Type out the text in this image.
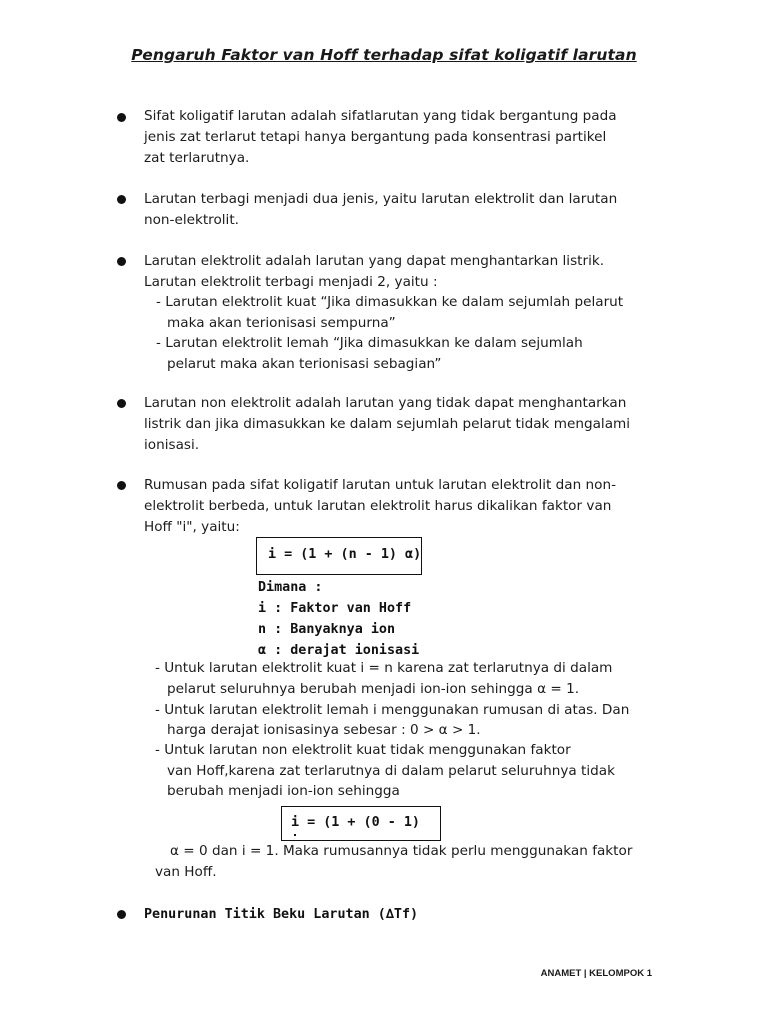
Pengaruh Faktor van Hoff terhadap sifat koligatif larutan
Sifat koligatif larutan adalah sifatlarutan yang tidak bergantung pada
jenis zat terlarut tetapi hanya bergantung pada konsentrasi partikel
zat terlarutnya.
Larutan terbagi menjadi dua jenis, yaitu larutan elektrolit dan larutan
non-elektrolit.
Larutan elektrolit adalah larutan yang dapat menghantarkan listrik.
Larutan elektrolit terbagi menjadi 2, yaitu :
- Larutan elektrolit kuat “Jika dimasukkan ke dalam sejumlah pelarut
maka akan terionisasi sempurna”
- Larutan elektrolit lemah “Jika dimasukkan ke dalam sejumlah
pelarut maka akan terionisasi sebagian”
Larutan non elektrolit adalah larutan yang tidak dapat menghantarkan
listrik dan jika dimasukkan ke dalam sejumlah pelarut tidak mengalami
ionisasi.
Rumusan pada sifat koligatif larutan untuk larutan elektrolit dan non-
elektrolit berbeda, untuk larutan elektrolit harus dikalikan faktor van
Hoff "i", yaitu:
i = (1 + (n - 1) α)
Dimana :
i : Faktor van Hoff
n : Banyaknya ion
α : derajat ionisasi
- Untuk larutan elektrolit kuat i = n karena zat terlarutnya di dalam
pelarut seluruhnya berubah menjadi ion-ion sehingga α = 1.
- Untuk larutan elektrolit lemah i menggunakan rumusan di atas. Dan
harga derajat ionisasinya sebesar : 0 > α > 1.
- Untuk larutan non elektrolit kuat tidak menggunakan faktor
van Hoff,karena zat terlarutnya di dalam pelarut seluruhnya tidak
berubah menjadi ion-ion sehingga
i = (1 + (0 - 1)
α = 0 dan i = 1. Maka rumusannya tidak perlu menggunakan faktor
van Hoff.
Penurunan Titik Beku Larutan (∆Tf)
ANAMET | KELOMPOK 1
